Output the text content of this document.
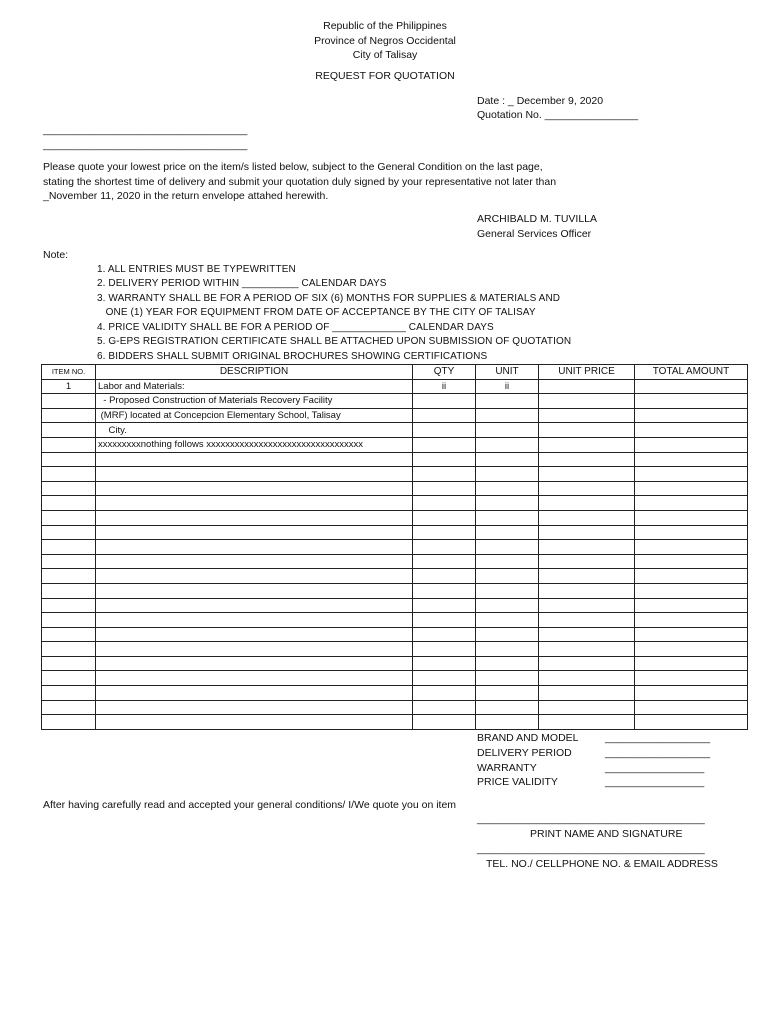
Republic of the Philippines
Province of Negros Occidental
City of Talisay
REQUEST FOR QUOTATION
Date : _ December 9, 2020
Quotation No. ________________
___________________________________
___________________________________
Please quote your lowest price on the item/s listed below, subject to the General Condition on the last page,
stating the shortest time of delivery and submit your quotation duly signed by your representative not later than
_November 11, 2020 in the return envelope attahed herewith.
ARCHIBALD M. TUVILLA
General Services Officer
Note:
1. ALL ENTRIES MUST BE TYPEWRITTEN
2. DELIVERY PERIOD WITHIN __________ CALENDAR DAYS
3. WARRANTY SHALL BE FOR A PERIOD OF SIX (6) MONTHS FOR SUPPLIES & MATERIALS AND
ONE (1) YEAR FOR EQUIPMENT FROM DATE OF ACCEPTANCE BY THE CITY OF TALISAY
4. PRICE VALIDITY SHALL BE FOR A PERIOD OF _____________ CALENDAR DAYS
5. G-EPS REGISTRATION CERTIFICATE SHALL BE ATTACHED UPON SUBMISSION OF QUOTATION
6. BIDDERS SHALL SUBMIT ORIGINAL BROCHURES SHOWING CERTIFICATIONS
ITEM NO.	DESCRIPTION	QTY	UNIT	UNIT PRICE	TOTAL AMOUNT
1	Labor and Materials:	ii	ii		
	- Proposed Construction of Materials Recovery Facility				
	(MRF) located at Concepcion Elementary School, Talisay				
	City.				
	xxxxxxxxxnothing follows xxxxxxxxxxxxxxxxxxxxxxxxxxxxxxxxx				

BRAND AND MODEL	__________________
DELIVERY PERIOD	__________________
WARRANTY	_________________
PRICE VALIDITY	_________________
After having carefully read and accepted your general conditions/ I/We quote you on item
_______________________________________
PRINT NAME AND SIGNATURE
_______________________________________
TEL. NO./ CELLPHONE NO. & EMAIL ADDRESS
